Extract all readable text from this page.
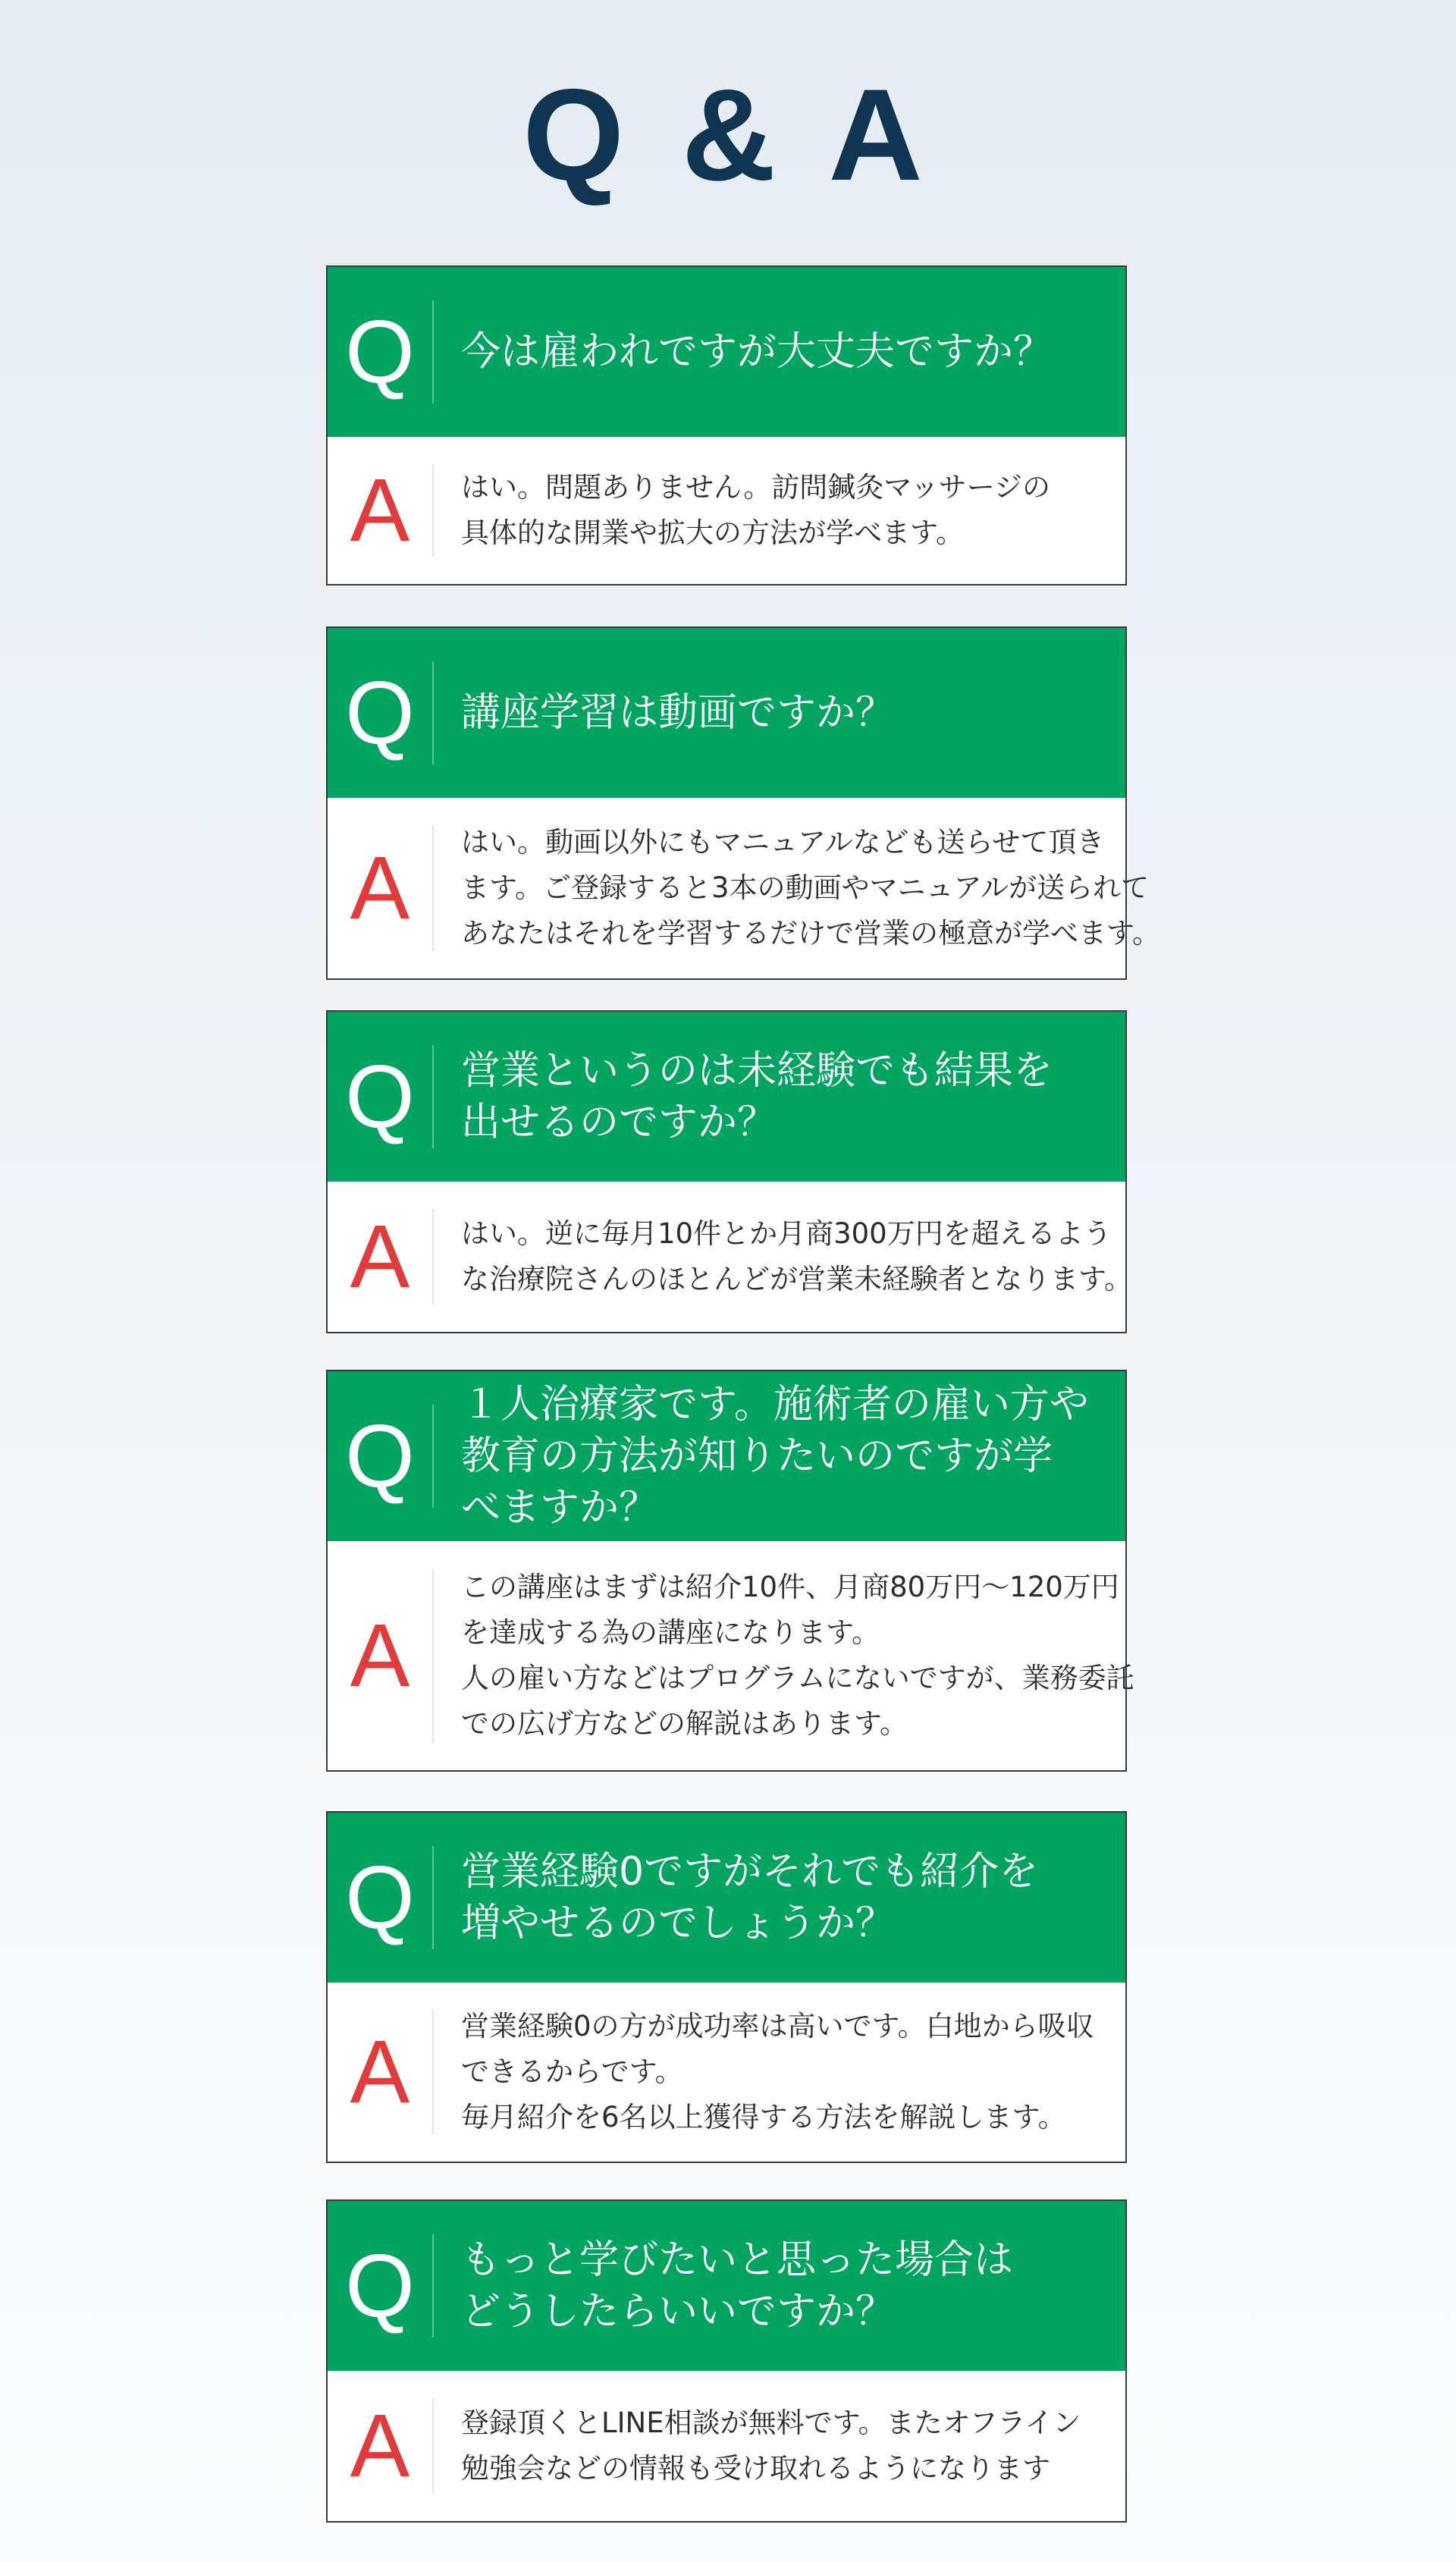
Q & A
Q	今は雇われですが大丈夫ですか？
A	はい。問題ありません。訪問鍼灸マッサージの
具体的な開業や拡大の方法が学べます。
Q	講座学習は動画ですか？
A	はい。動画以外にもマニュアルなども送らせて頂き
ます。ご登録すると3本の動画やマニュアルが送られて
あなたはそれを学習するだけで営業の極意が学べます。
Q	営業というのは未経験でも結果を
出せるのですか？
A	はい。逆に毎月10件とか月商300万円を超えるよう
な治療院さんのほとんどが営業未経験者となります。
Q
１人治療家です。施術者の雇い方や
教育の方法が知りたいのですが学
べますか？
A
この講座はまずは紹介10件、月商80万円〜120万円
を達成する為の講座になります。
人の雇い方などはプログラムにないですが、業務委託
での広げ方などの解説はあります。
Q	営業経験0ですがそれでも紹介を
増やせるのでしょうか？
A	営業経験0の方が成功率は高いです。白地から吸収
できるからです。
毎月紹介を6名以上獲得する方法を解説します。
Q	もっと学びたいと思った場合は
どうしたらいいですか？
A	登録頂くとLINE相談が無料です。またオフライン
勉強会などの情報も受け取れるようになります
